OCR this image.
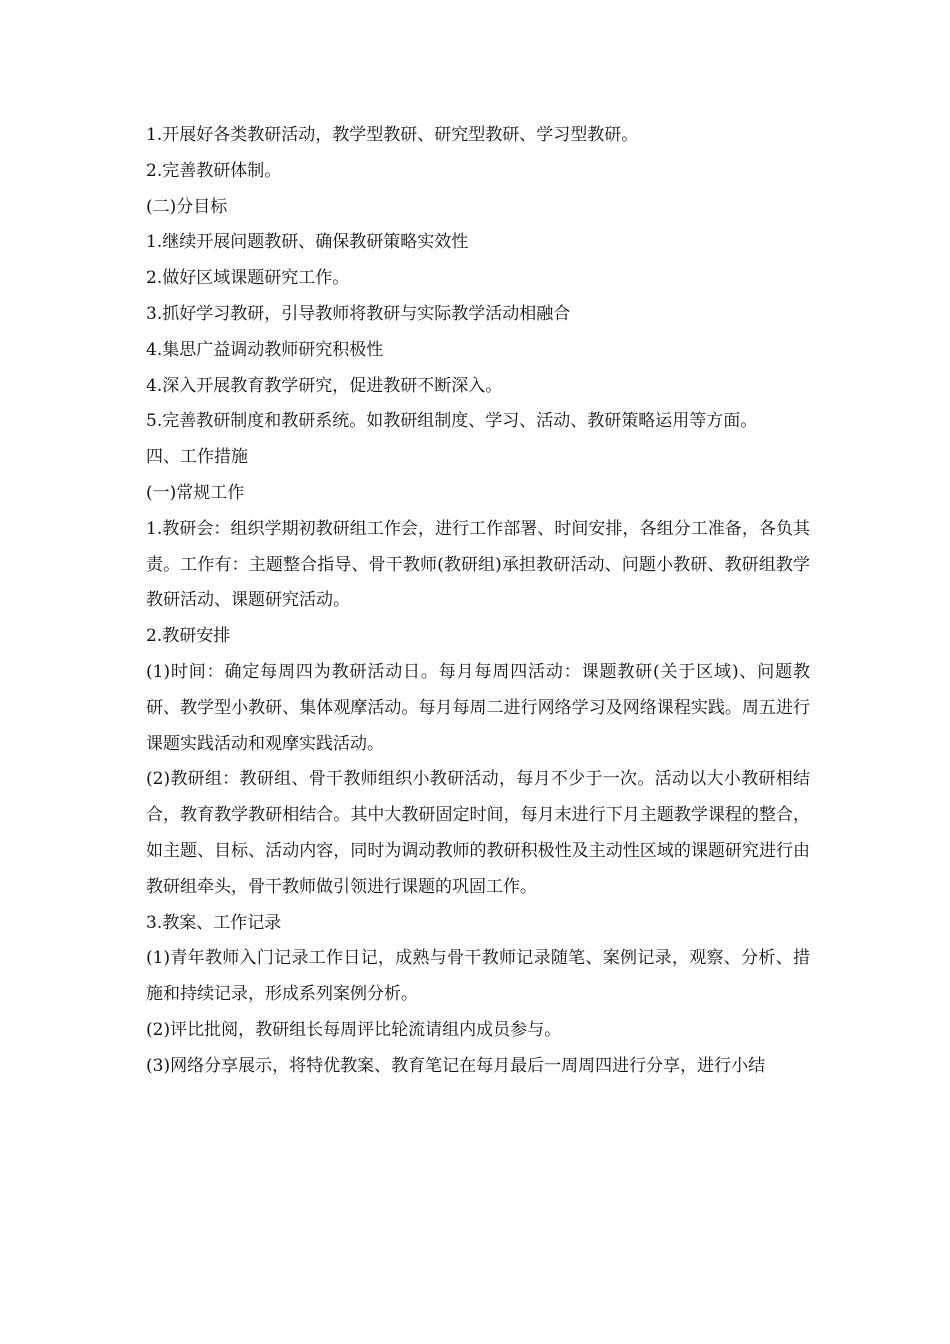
1.开展好各类教研活动，教学型教研、研究型教研、学习型教研。

2.完善教研体制。

(二)分目标

1.继续开展问题教研、确保教研策略实效性

2.做好区域课题研究工作。

3.抓好学习教研，引导教师将教研与实际教学活动相融合

4.集思广益调动教师研究积极性

4.深入开展教育教学研究，促进教研不断深入。

5.完善教研制度和教研系统。如教研组制度、学习、活动、教研策略运用等方面。

四、工作措施

(一)常规工作

1.教研会：组织学期初教研组工作会，进行工作部署、时间安排，各组分工准备，各负其责。工作有：主题整合指导、骨干教师(教研组)承担教研活动、问题小教研、教研组教学教研活动、课题研究活动。

2.教研安排

(1)时间：确定每周四为教研活动日。每月每周四活动：课题教研(关于区域)、问题教研、教学型小教研、集体观摩活动。每月每周二进行网络学习及网络课程实践。周五进行课题实践活动和观摩实践活动。

(2)教研组：教研组、骨干教师组织小教研活动，每月不少于一次。活动以大小教研相结合，教育教学教研相结合。其中大教研固定时间，每月末进行下月主题教学课程的整合，如主题、目标、活动内容，同时为调动教师的教研积极性及主动性区域的课题研究进行由教研组牵头，骨干教师做引领进行课题的巩固工作。

3.教案、工作记录

(1)青年教师入门记录工作日记，成熟与骨干教师记录随笔、案例记录，观察、分析、措施和持续记录，形成系列案例分析。

(2)评比批阅，教研组长每周评比轮流请组内成员参与。

(3)网络分享展示，将特优教案、教育笔记在每月最后一周周四进行分享，进行小结
